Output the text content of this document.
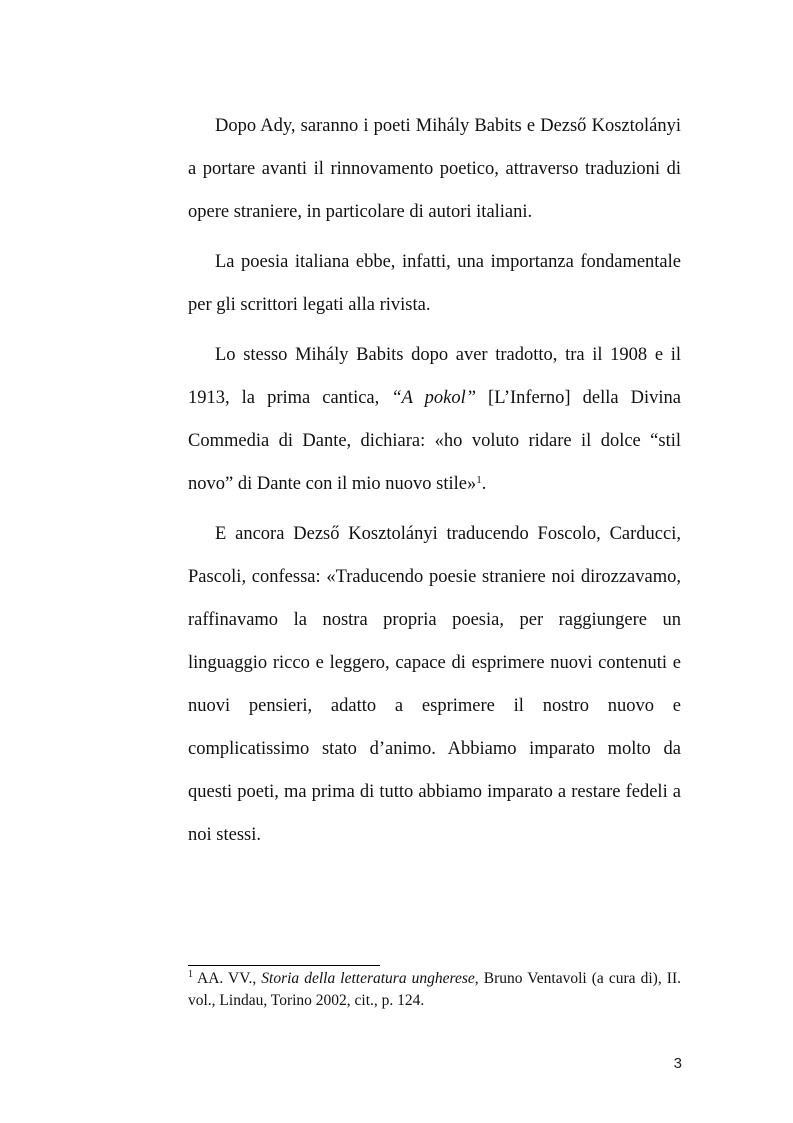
Dopo Ady, saranno i poeti Mihály Babits e Dezső Kosztolányi a portare avanti il rinnovamento poetico, attraverso traduzioni di opere straniere, in particolare di autori italiani.

La poesia italiana ebbe, infatti, una importanza fondamentale per gli scrittori legati alla rivista.

Lo stesso Mihály Babits dopo aver tradotto, tra il 1908 e il 1913, la prima cantica, “A pokol” [L’Inferno] della Divina Commedia di Dante, dichiara: «ho voluto ridare il dolce “stil novo” di Dante con il mio nuovo stile»$^1$.

E ancora Dezső Kosztolányi traducendo Foscolo, Carducci, Pascoli, confessa: «Traducendo poesie straniere noi dirozzavamo, raffinavamo la nostra propria poesia, per raggiungere un linguaggio ricco e leggero, capace di esprimere nuovi contenuti e nuovi pensieri, adatto a esprimere il nostro nuovo e complicatissimo stato d’animo. Abbiamo imparato molto da questi poeti, ma prima di tutto abbiamo imparato a restare fedeli a noi stessi.

$^1$ AA. VV., Storia della letteratura ungherese, Bruno Ventavoli (a cura di), II. vol., Lindau, Torino 2002, cit., p. 124.
3
